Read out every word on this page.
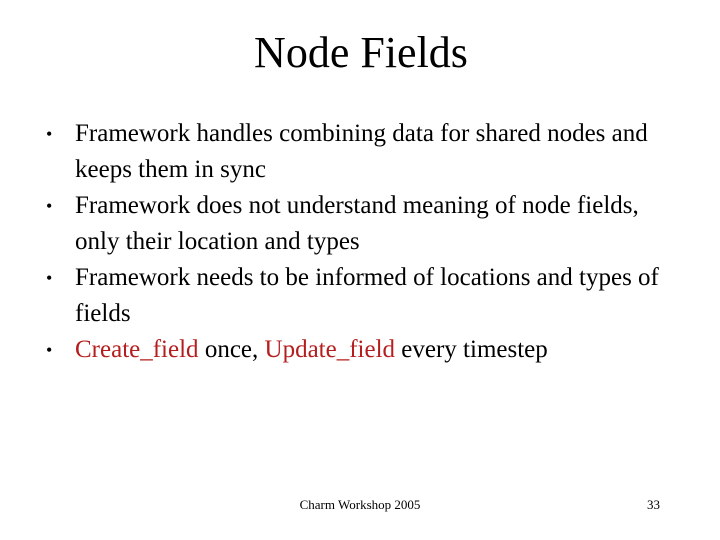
Node Fields
• Framework handles combining data for shared nodes and keeps them in sync
• Framework does not understand meaning of node fields, only their location and types
• Framework needs to be informed of locations and types of fields
• Create_field once, Update_field every timestep
Charm Workshop 2005	33
